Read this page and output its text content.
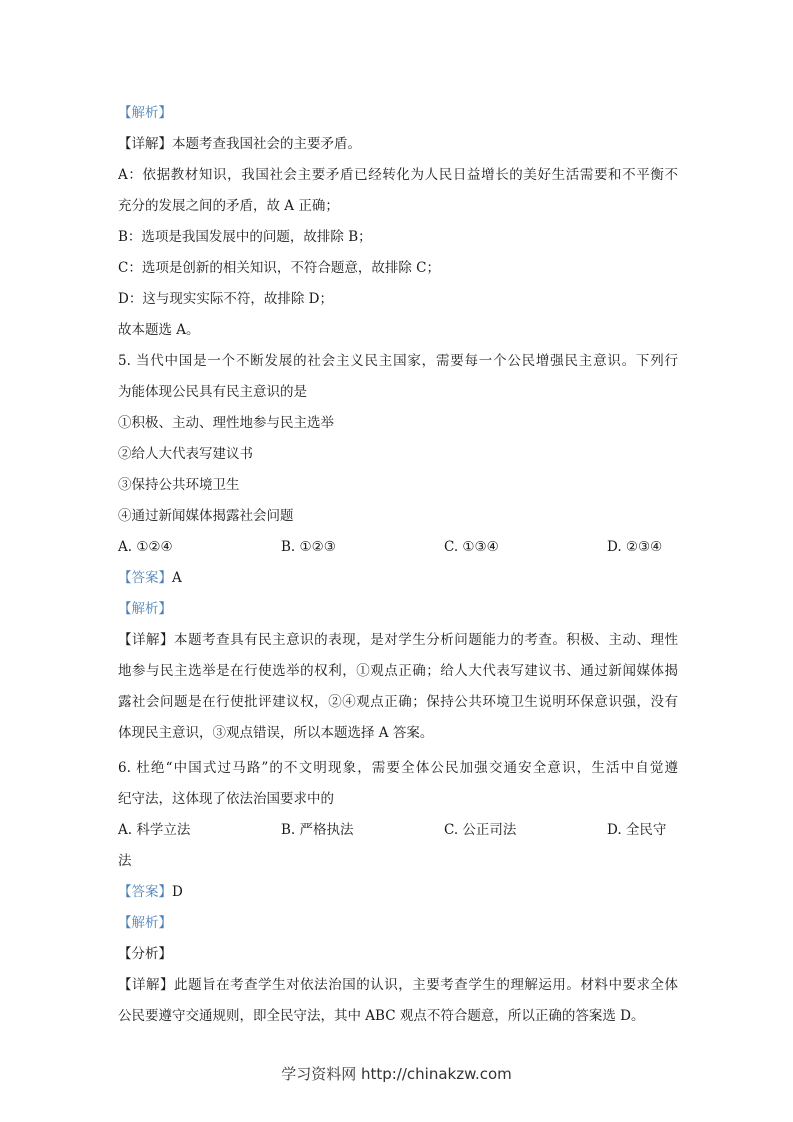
【解析】
【详解】本题考查我国社会的主要矛盾。
A：依据教材知识，我国社会主要矛盾已经转化为人民日益增长的美好生活需要和不平衡不
充分的发展之间的矛盾，故 A 正确；
B：选项是我国发展中的问题，故排除 B；
C：选项是创新的相关知识，不符合题意，故排除 C；
D：这与现实实际不符，故排除 D；
故本题选 A。
5. 当代中国是一个不断发展的社会主义民主国家，需要每一个公民增强民主意识。下列行
为能体现公民具有民主意识的是
①积极、主动、理性地参与民主选举
②给人大代表写建议书
③保持公共环境卫生
④通过新闻媒体揭露社会问题
A. ①②④	B. ①②③	C. ①③④	D. ②③④
【答案】A
【解析】
【详解】本题考查具有民主意识的表现，是对学生分析问题能力的考查。积极、主动、理性
地参与民主选举是在行使选举的权利，①观点正确；给人大代表写建议书、通过新闻媒体揭
露社会问题是在行使批评建议权，②④观点正确；保持公共环境卫生说明环保意识强，没有
体现民主意识，③观点错误，所以本题选择 A 答案。
6. 杜绝“中国式过马路”的不文明现象，需要全体公民加强交通安全意识，生活中自觉遵
纪守法，这体现了依法治国要求中的
A. 科学立法	B. 严格执法	C. 公正司法	D. 全民守
法
【答案】D
【解析】
【分析】
【详解】此题旨在考查学生对依法治国的认识，主要考查学生的理解运用。材料中要求全体
公民要遵守交通规则，即全民守法，其中 ABC 观点不符合题意，所以正确的答案选 D。
学习资料网 http://chinakzw.com
